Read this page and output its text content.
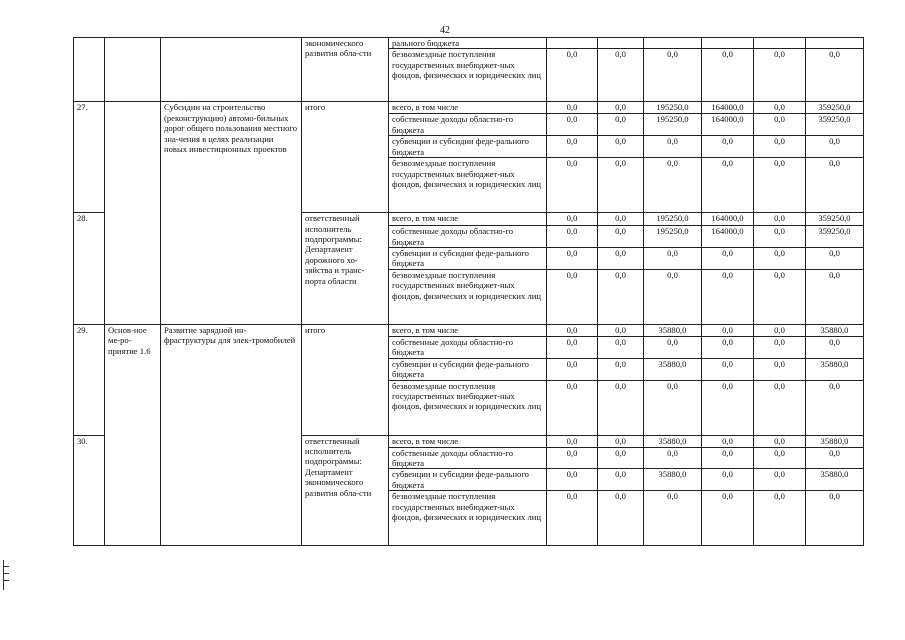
42
			экономического развития обла-сти	рального бюджета						
				безвозмездные поступления государственных внебюджет-ных фондов, физических и юридических лиц	0,0	0,0	0,0	0,0	0,0	0,0
27.		Субсидии на строительство (реконструкцию) автомо-бильных дорог общего пользования местного зна-чения в целях реализации новых инвестиционных проектов	итого	всего, в том числе	0,0	0,0	195250,0	164000,0	0,0	359250,0
				собственные доходы областно-го бюджета	0,0	0,0	195250,0	164000,0	0,0	359250,0
				субвенции и субсидии феде-рального бюджета	0,0	0,0	0,0	0,0	0,0	0,0
				безвозмездные поступления государственных внебюджет-ных фондов, физических и юридических лиц	0,0	0,0	0,0	0,0	0,0	0,0
28.			ответственный исполнитель подпрограммы: Департамент дорожного хо-зяйства и транс-порта области	всего, в том числе	0,0	0,0	195250,0	164000,0	0,0	359250,0
				собственные доходы областно-го бюджета	0,0	0,0	195250,0	164000,0	0,0	359250,0
				субвенции и субсидии феде-рального бюджета	0,0	0,0	0,0	0,0	0,0	0,0
				безвозмездные поступления государственных внебюджет-ных фондов, физических и юридических лиц	0,0	0,0	0,0	0,0	0,0	0,0
29.	Основ-ное ме-ро-приятие 1.6	Развитие зарядной ин-фраструктуры для элек-тромобилей	итого	всего, в том числе	0,0	0,0	35880,0	0,0	0,0	35880,0
				собственные доходы областно-го бюджета	0,0	0,0	0,0	0,0	0,0	0,0
				субвенции и субсидии феде-рального бюджета	0,0	0,0	35880,0	0,0	0,0	35880,0
				безвозмездные поступления государственных внебюджет-ных фондов, физических и юридических лиц	0,0	0,0	0,0	0,0	0,0	0,0
30.			ответственный исполнитель подпрограммы: Департамент экономического развития обла-сти	всего, в том числе	0,0	0,0	35880,0	0,0	0,0	35880,0
				собственные доходы областно-го бюджета	0,0	0,0	0,0	0,0	0,0	0,0
				субвенции и субсидии феде-рального бюджета	0,0	0,0	35880,0	0,0	0,0	35880,0
				безвозмездные поступления государственных внебюджет-ных фондов, физических и юридических лиц	0,0	0,0	0,0	0,0	0,0	0,0
